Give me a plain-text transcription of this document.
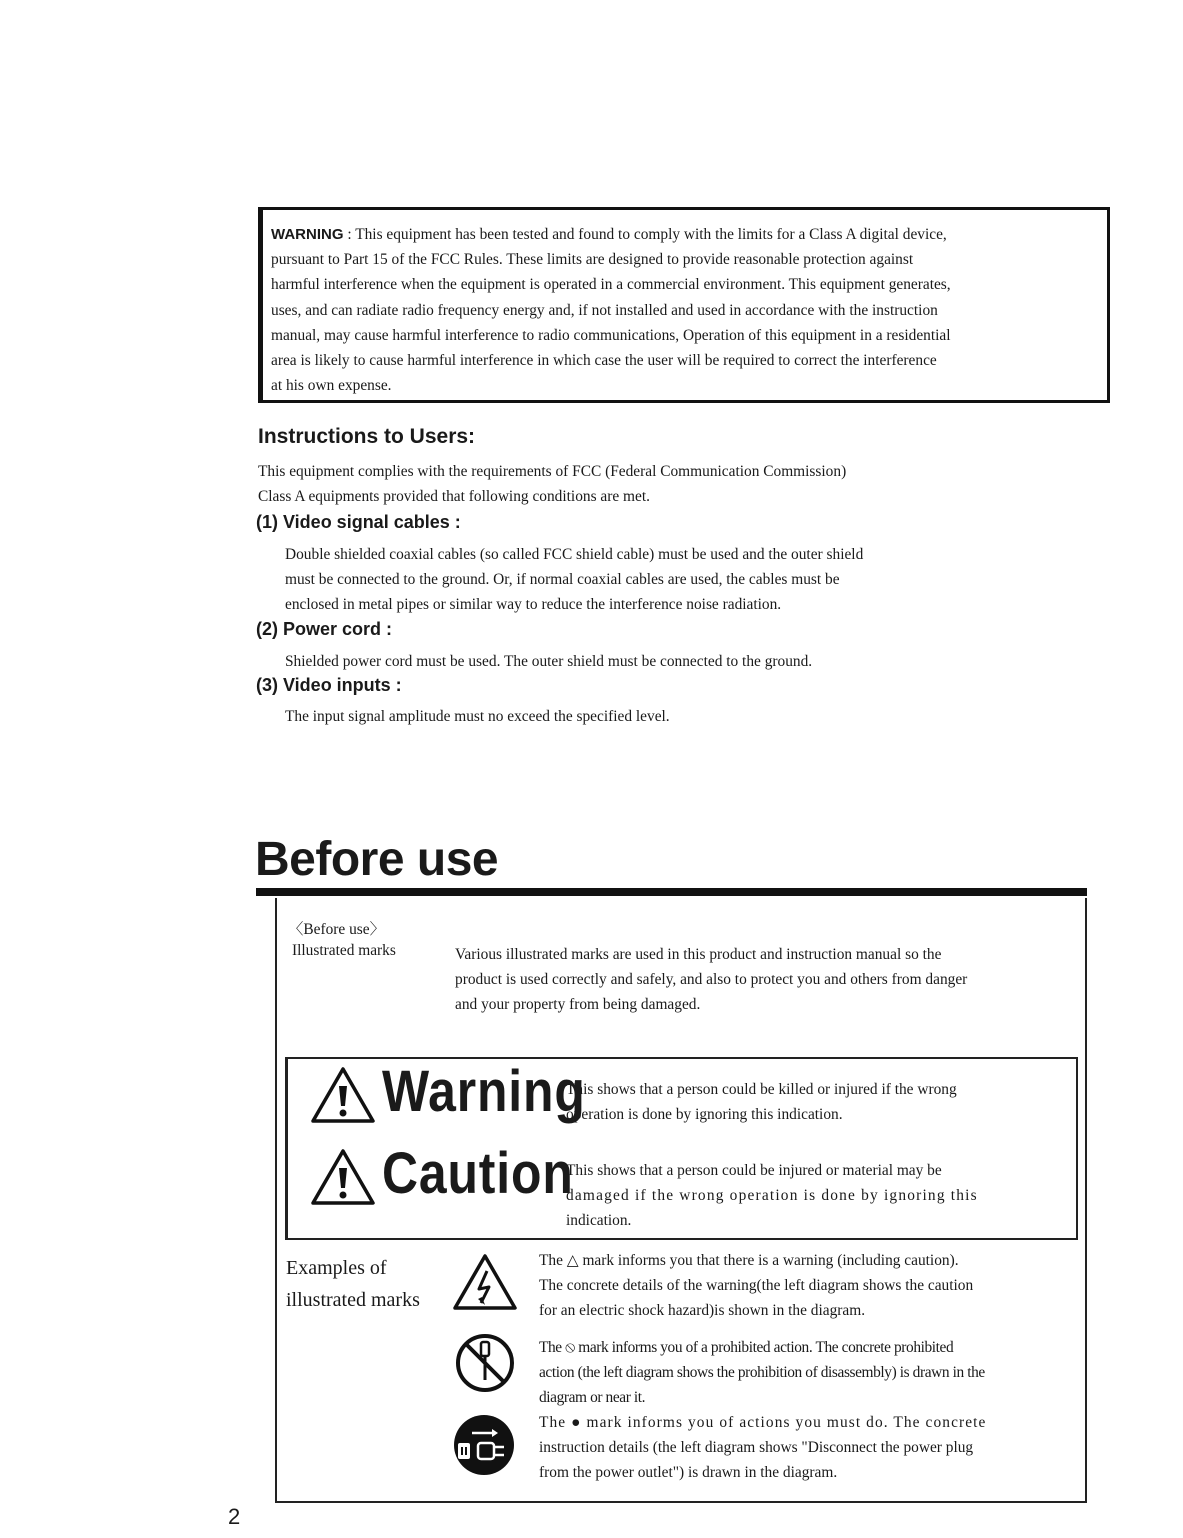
WARNING : This equipment has been tested and found to comply with the limits for a Class A digital device,
pursuant to Part 15 of the FCC Rules. These limits are designed to provide reasonable protection against
harmful interference when the equipment is operated in a commercial environment. This equipment generates,
uses, and can radiate radio frequency energy and, if not installed and used in accordance with the instruction
manual, may cause harmful interference to radio communications, Operation of this equipment in a residential
area is likely to cause harmful interference in which case the user will be required to correct the interference
at his own expense.
Instructions to Users:
This equipment complies with the requirements of FCC (Federal Communication Commission)
Class A equipments provided that following conditions are met.
(1) Video signal cables :
Double shielded coaxial cables (so called FCC shield cable) must be used and the outer shield
must be connected to the ground. Or, if normal coaxial cables are used, the cables must be
enclosed in metal pipes or similar way to reduce the interference noise radiation.
(2) Power cord :
Shielded power cord must be used. The outer shield must be connected to the ground.
(3) Video inputs :
The input signal amplitude must no exceed the specified level.
Before use
〈Before use〉
Illustrated marks	Various illustrated marks are used in this product and instruction manual so the
product is used correctly and safely, and also to protect you and others from danger
and your property from being damaged.
Warning
This shows that a person could be killed or injured if the wrong
operation is done by ignoring this indication.
Caution
This shows that a person could be injured or material may be
damaged if the wrong operation is done by ignoring this
indication.
Examples of
illustrated marks
The △ mark informs you that there is a warning (including caution).
The concrete details of the warning(the left diagram shows the caution
for an electric shock hazard)is shown in the diagram.
The ⦸ mark informs you of a prohibited action. The concrete prohibited
action (the left diagram shows the prohibition of disassembly) is drawn in the
diagram or near it.
The ● mark informs you of actions you must do. The concrete
instruction details (the left diagram shows "Disconnect the power plug
from the power outlet") is drawn in the diagram.
2
